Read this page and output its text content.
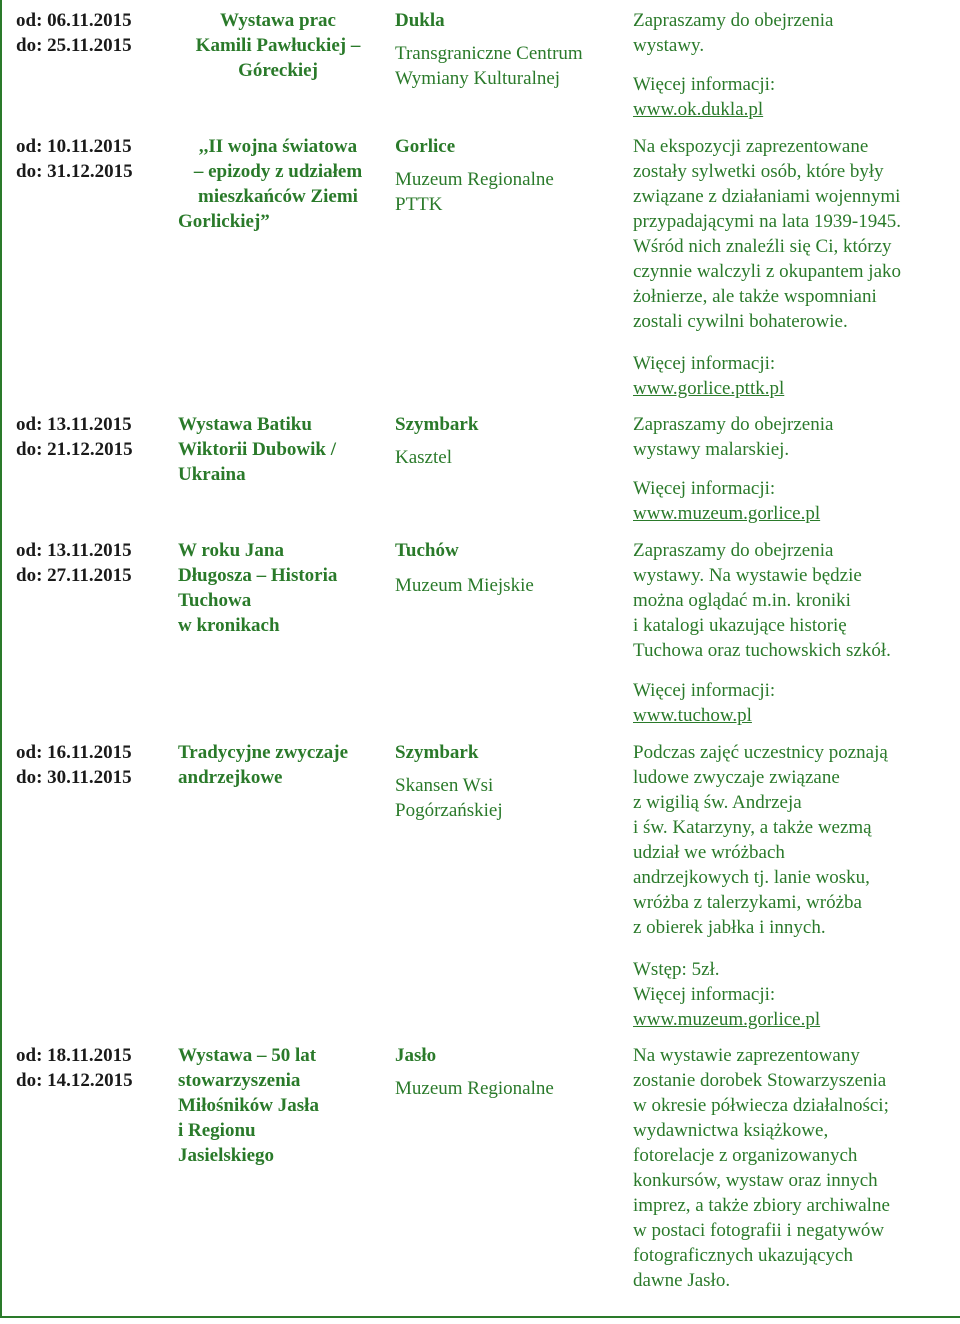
od: 06.11.2015
do: 25.11.2015
Wystawa prac
Kamili Pawłuckiej –
Góreckiej
Dukla
Transgraniczne Centrum
Wymiany Kulturalnej
Zapraszamy do obejrzenia
wystawy.
Więcej informacji:
www.ok.dukla.pl
od: 10.11.2015
do: 31.12.2015
,,II wojna światowa
– epizody z udziałem
mieszkańców Ziemi
Gorlickiej”
Gorlice
Muzeum Regionalne
PTTK
Na ekspozycji zaprezentowane
zostały sylwetki osób, które były
związane z działaniami wojennymi
przypadającymi na lata 1939-1945.
Wśród nich znaleźli się Ci, którzy
czynnie walczyli z okupantem jako
żołnierze, ale także wspomniani
zostali cywilni bohaterowie.
Więcej informacji:
www.gorlice.pttk.pl
od: 13.11.2015
do: 21.12.2015
Wystawa Batiku
Wiktorii Dubowik /
Ukraina
Szymbark
Kasztel
Zapraszamy do obejrzenia
wystawy malarskiej.
Więcej informacji:
www.muzeum.gorlice.pl
od: 13.11.2015
do: 27.11.2015
W roku Jana
Długosza – Historia
Tuchowa
w kronikach
Tuchów
Muzeum Miejskie
Zapraszamy do obejrzenia
wystawy. Na wystawie będzie
można oglądać m.in. kroniki
i katalogi ukazujące historię
Tuchowa oraz tuchowskich szkół.
Więcej informacji:
www.tuchow.pl
od: 16.11.2015
do: 30.11.2015
Tradycyjne zwyczaje
andrzejkowe
Szymbark
Skansen Wsi
Pogórzańskiej
Podczas zajęć uczestnicy poznają
ludowe zwyczaje związane
z wigilią św. Andrzeja
i św. Katarzyny, a także wezmą
udział we wróżbach
andrzejkowych tj. lanie wosku,
wróżba z talerzykami, wróżba
z obierek jabłka i innych.
Wstęp: 5zł.
Więcej informacji:
www.muzeum.gorlice.pl
od: 18.11.2015
do: 14.12.2015
Wystawa – 50 lat
stowarzyszenia
Miłośników Jasła
i Regionu
Jasielskiego
Jasło
Muzeum Regionalne
Na wystawie zaprezentowany
zostanie dorobek Stowarzyszenia
w okresie półwiecza działalności;
wydawnictwa książkowe,
fotorelacje z organizowanych
konkursów, wystaw oraz innych
imprez, a także zbiory archiwalne
w postaci fotografii i negatywów
fotograficznych ukazujących
dawne Jasło.
